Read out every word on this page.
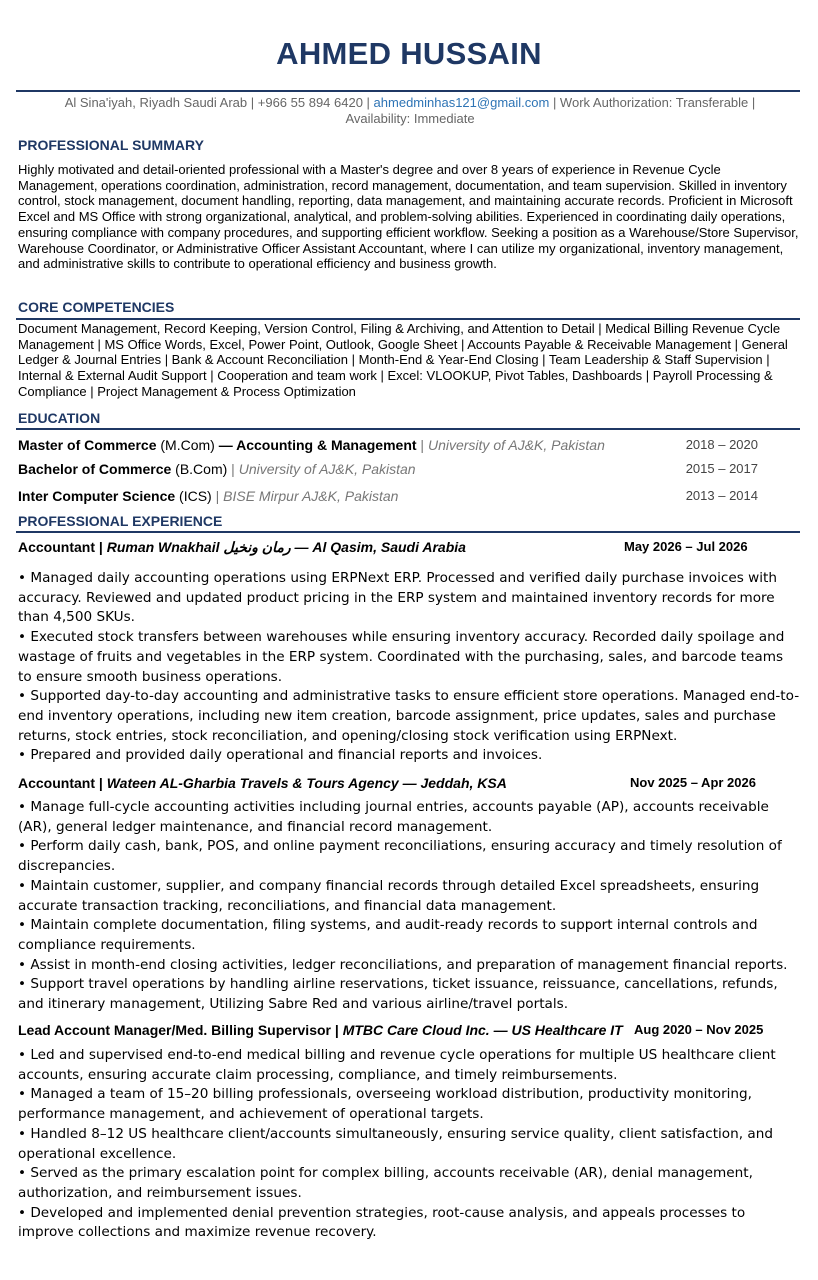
AHMED HUSSAIN
Al Sina'iyah, Riyadh Saudi Arab | +966 55 894 6420 | ahmedminhas121@gmail.com | Work Authorization: Transferable |
Availability: Immediate
PROFESSIONAL SUMMARY
Highly motivated and detail-oriented professional with a Master's degree and over 8 years of experience in Revenue Cycle Management, operations coordination, administration, record management, documentation, and team supervision. Skilled in inventory control, stock management, document handling, reporting, data management, and maintaining accurate records. Proficient in Microsoft Excel and MS Office with strong organizational, analytical, and problem-solving abilities. Experienced in coordinating daily operations, ensuring compliance with company procedures, and supporting efficient workflow. Seeking a position as a Warehouse/Store Supervisor, Warehouse Coordinator, or Administrative Officer Assistant Accountant, where I can utilize my organizational, inventory management, and administrative skills to contribute to operational efficiency and business growth.
CORE COMPETENCIES
Document Management, Record Keeping, Version Control, Filing & Archiving, and Attention to Detail | Medical Billing Revenue Cycle Management | MS Office Words, Excel, Power Point, Outlook, Google Sheet | Accounts Payable & Receivable Management | General Ledger & Journal Entries | Bank & Account Reconciliation | Month-End & Year-End Closing | Team Leadership & Staff Supervision | Internal & External Audit Support | Cooperation and team work | Excel: VLOOKUP, Pivot Tables, Dashboards | Payroll Processing & Compliance | Project Management & Process Optimization
EDUCATION
Master of Commerce (M.Com) — Accounting & Management | University of AJ&K, Pakistan	2018 – 2020
Bachelor of Commerce (B.Com) | University of AJ&K, Pakistan	2015 – 2017
Inter Computer Science (ICS) | BISE Mirpur AJ&K, Pakistan	2013 – 2014
PROFESSIONAL EXPERIENCE
Accountant | Ruman Wnakhail رمان ونخيل — Al Qasim, Saudi Arabia	May 2026 – Jul 2026
• Managed daily accounting operations using ERPNext ERP. Processed and verified daily purchase invoices with accuracy. Reviewed and updated product pricing in the ERP system and maintained inventory records for more than 4,500 SKUs.
• Executed stock transfers between warehouses while ensuring inventory accuracy. Recorded daily spoilage and wastage of fruits and vegetables in the ERP system. Coordinated with the purchasing, sales, and barcode teams to ensure smooth business operations.
• Supported day-to-day accounting and administrative tasks to ensure efficient store operations. Managed end-to-end inventory operations, including new item creation, barcode assignment, price updates, sales and purchase returns, stock entries, stock reconciliation, and opening/closing stock verification using ERPNext.
• Prepared and provided daily operational and financial reports and invoices.
Accountant | Wateen AL-Gharbia Travels & Tours Agency — Jeddah, KSA	Nov 2025 – Apr 2026
• Manage full-cycle accounting activities including journal entries, accounts payable (AP), accounts receivable (AR), general ledger maintenance, and financial record management.
• Perform daily cash, bank, POS, and online payment reconciliations, ensuring accuracy and timely resolution of discrepancies.
• Maintain customer, supplier, and company financial records through detailed Excel spreadsheets, ensuring accurate transaction tracking, reconciliations, and financial data management.
• Maintain complete documentation, filing systems, and audit-ready records to support internal controls and compliance requirements.
• Assist in month-end closing activities, ledger reconciliations, and preparation of management financial reports.
• Support travel operations by handling airline reservations, ticket issuance, reissuance, cancellations, refunds, and itinerary management, Utilizing Sabre Red and various airline/travel portals.
Lead Account Manager/Med. Billing Supervisor | MTBC Care Cloud Inc. — US Healthcare IT Aug 2020 – Nov 2025
• Led and supervised end-to-end medical billing and revenue cycle operations for multiple US healthcare client accounts, ensuring accurate claim processing, compliance, and timely reimbursements.
• Managed a team of 15–20 billing professionals, overseeing workload distribution, productivity monitoring, performance management, and achievement of operational targets.
• Handled 8–12 US healthcare client/accounts simultaneously, ensuring service quality, client satisfaction, and operational excellence.
• Served as the primary escalation point for complex billing, accounts receivable (AR), denial management, authorization, and reimbursement issues.
• Developed and implemented denial prevention strategies, root-cause analysis, and appeals processes to improve collections and maximize revenue recovery.
